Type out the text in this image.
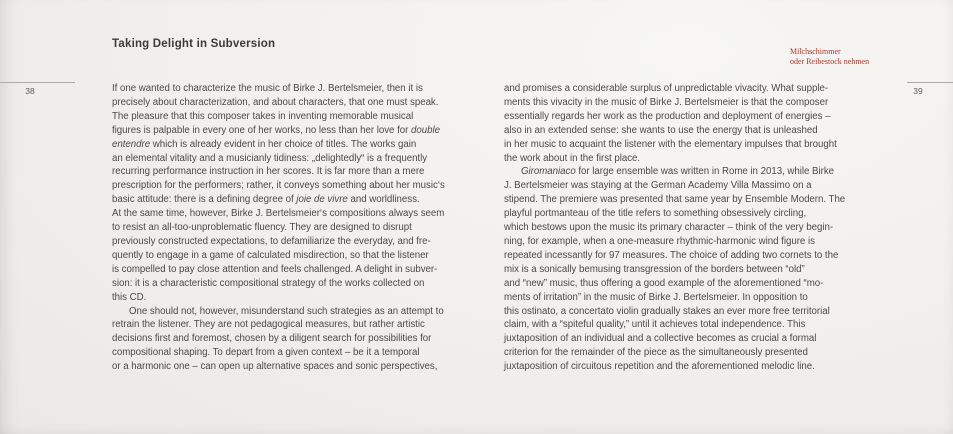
Taking Delight in Subversion
38	If one wanted to characterize the music of Birke J. Bertelsmeier, then it is
precisely about characterization, and about characters, that one must speak.
The pleasure that this composer takes in inventing memorable musical
figures is palpable in every one of her works, no less than her love for double
entendre which is already evident in her choice of titles. The works gain
an elemental vitality and a musicianly tidiness: „delightedly“ is a frequently
recurring performance instruction in her scores. It is far more than a mere
prescription for the performers; rather, it conveys something about her music‘s
basic attitude: there is a defining degree of joie de vivre and worldliness.
At the same time, however, Birke J. Bertelsmeier‘s compositions always seem
to resist an all-too-unproblematic fluency. They are designed to disrupt
previously constructed expectations, to defamiliarize the everyday, and fre-
quently to engage in a game of calculated misdirection, so that the listener
is compelled to pay close attention and feels challenged. A delight in subver-
sion: it is a characteristic compositional strategy of the works collected on
this CD.
One should not, however, misunderstand such strategies as an attempt to
retrain the listener. They are not pedagogical measures, but rather artistic
decisions first and foremost, chosen by a diligent search for possibilities for
compositional shaping. To depart from a given context – be it a temporal
or a harmonic one – can open up alternative spaces and sonic perspectives,
Milchschimmer
oder Reibestock nehmen
39
and promises a considerable surplus of unpredictable vivacity. What supple-
ments this vivacity in the music of Birke J. Bertelsmeier is that the composer
essentially regards her work as the production and deployment of energies –
also in an extended sense: she wants to use the energy that is unleashed
in her music to acquaint the listener with the elementary impulses that brought
the work about in the first place.
Giromaniaco for large ensemble was written in Rome in 2013, while Birke
J. Bertelsmeier was staying at the German Academy Villa Massimo on a
stipend. The premiere was presented that same year by Ensemble Modern. The
playful portmanteau of the title refers to something obsessively circling,
which bestows upon the music its primary character – think of the very begin-
ning, for example, when a one-measure rhythmic-harmonic wind figure is
repeated incessantly for 97 measures. The choice of adding two cornets to the
mix is a sonically bemusing transgression of the borders between “old”
and “new” music, thus offering a good example of the aforementioned “mo-
ments of irritation” in the music of Birke J. Bertelsmeier. In opposition to
this ostinato, a concertato violin gradually stakes an ever more free territorial
claim, with a “spiteful quality,” until it achieves total independence. This
juxtaposition of an individual and a collective becomes as crucial a formal
criterion for the remainder of the piece as the simultaneously presented
juxtaposition of circuitous repetition and the aforementioned melodic line.
